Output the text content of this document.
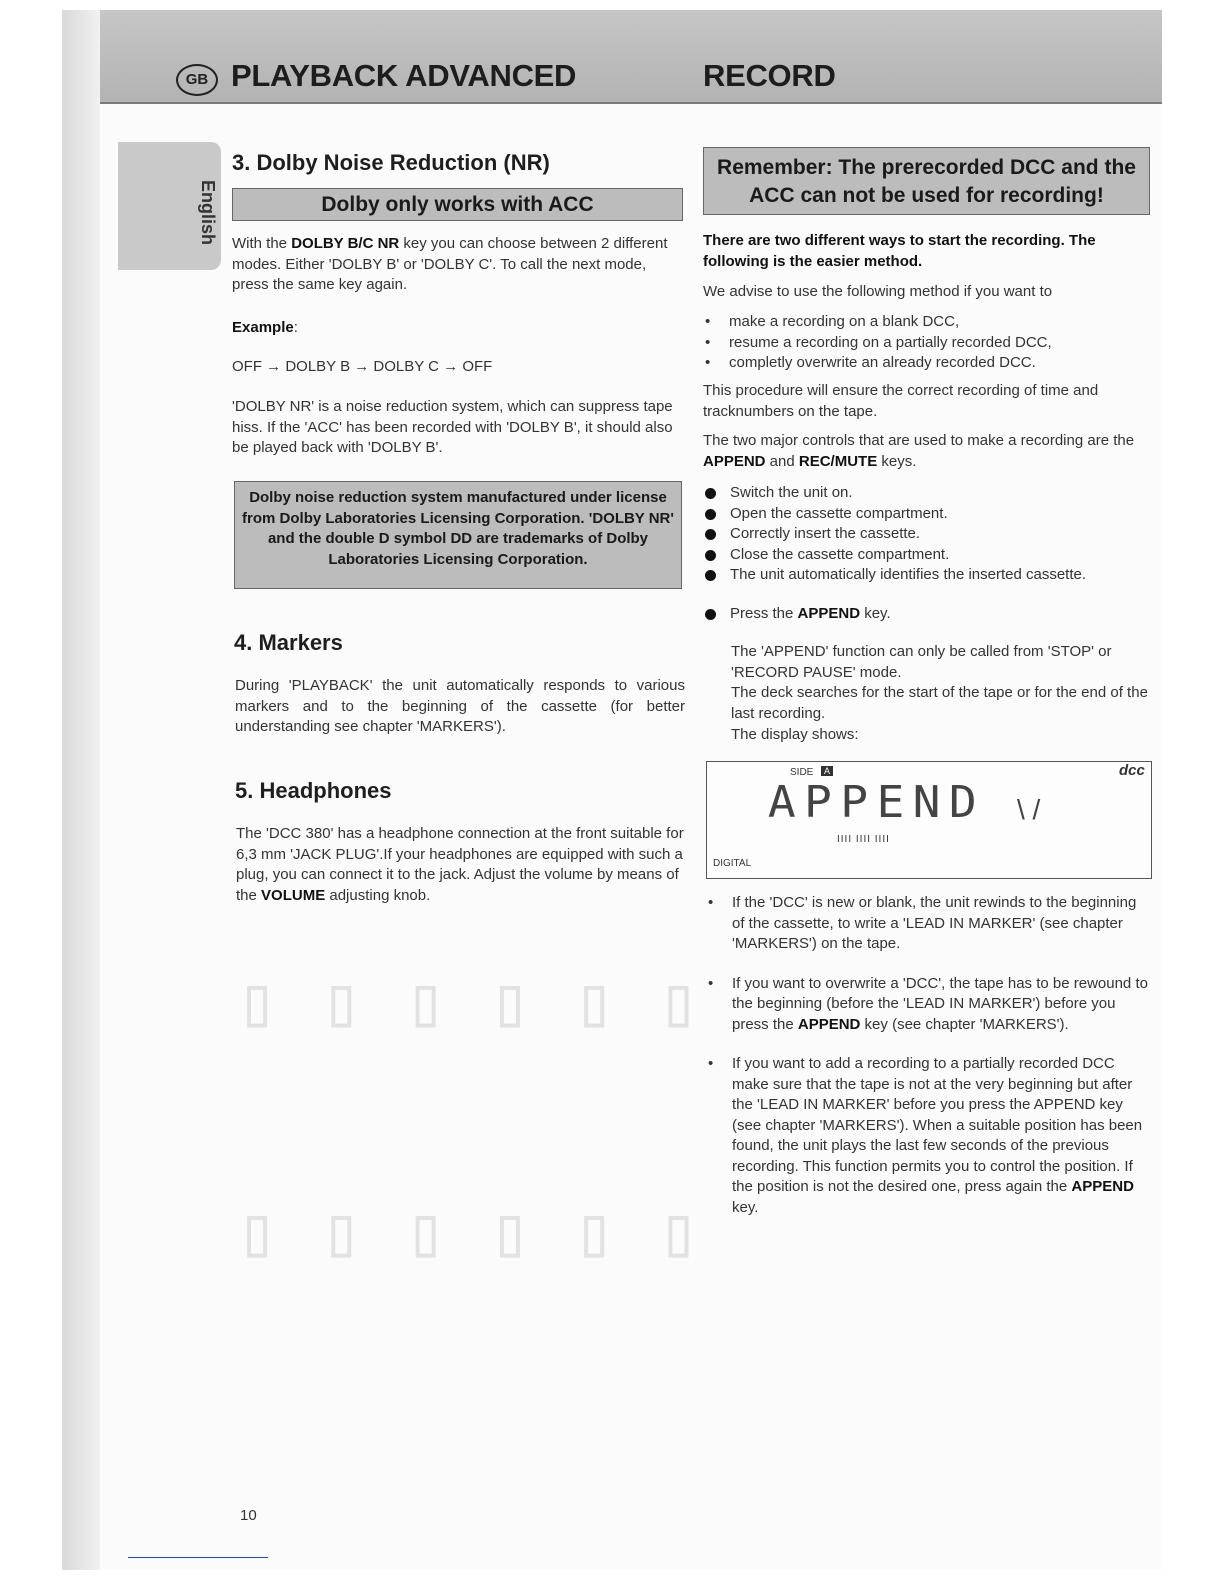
GB PLAYBACK ADVANCED	RECORD
English
3. Dolby Noise Reduction (NR)
Dolby only works with ACC
With the DOLBY B/C NR key you can choose between 2 different modes. Either 'DOLBY B' or 'DOLBY C'. To call the next mode, press the same key again.
Example:
OFF → DOLBY B → DOLBY C → OFF
'DOLBY NR' is a noise reduction system, which can suppress tape hiss. If the 'ACC' has been recorded with 'DOLBY B', it should also be played back with 'DOLBY B'.
Dolby noise reduction system manufactured under license from Dolby Laboratories Licensing Corporation. 'DOLBY NR' and the double D symbol DD are trademarks of Dolby Laboratories Licensing Corporation.
4. Markers
During 'PLAYBACK' the unit automatically responds to various markers and to the beginning of the cassette (for better understanding see chapter 'MARKERS').
5. Headphones
The 'DCC 380' has a headphone connection at the front suitable for 6,3 mm 'JACK PLUG'.If your headphones are equipped with such a plug, you can connect it to the jack. Adjust the volume by means of the VOLUME adjusting knob.
▯ ▯ ▯ ▯ ▯ ▯
▯ ▯ ▯ ▯ ▯ ▯
10
Remember: The prerecorded DCC and the ACC can not be used for recording!
There are two different ways to start the recording. The following is the easier method.
We advise to use the following method if you want to
• make a recording on a blank DCC,
• resume a recording on a partially recorded DCC,
• completly overwrite an already recorded DCC.
This procedure will ensure the correct recording of time and tracknumbers on the tape.
The two major controls that are used to make a recording are the APPEND and REC/MUTE keys.
Switch the unit on.
Open the cassette compartment.
Correctly insert the cassette.
Close the cassette compartment.
The unit automatically identifies the inserted cassette.
Press the APPEND key.
The 'APPEND' function can only be called from 'STOP' or 'RECORD PAUSE' mode.
The deck searches for the start of the tape or for the end of the last recording.
The display shows:
SIDE	A	dcc
APPEND \ /
IIII IIII IIII
DIGITAL
• If the 'DCC' is new or blank, the unit rewinds to the beginning of the cassette, to write a 'LEAD IN MARKER' (see chapter 'MARKERS') on the tape.
• If you want to overwrite a 'DCC', the tape has to be rewound to the beginning (before the 'LEAD IN MARKER') before you press the APPEND key (see chapter 'MARKERS').
• If you want to add a recording to a partially recorded DCC make sure that the tape is not at the very beginning but after the 'LEAD IN MARKER' before you press the APPEND key (see chapter 'MARKERS'). When a suitable position has been found, the unit plays the last few seconds of the previous recording. This function permits you to control the position. If the position is not the desired one, press again the APPEND key.
